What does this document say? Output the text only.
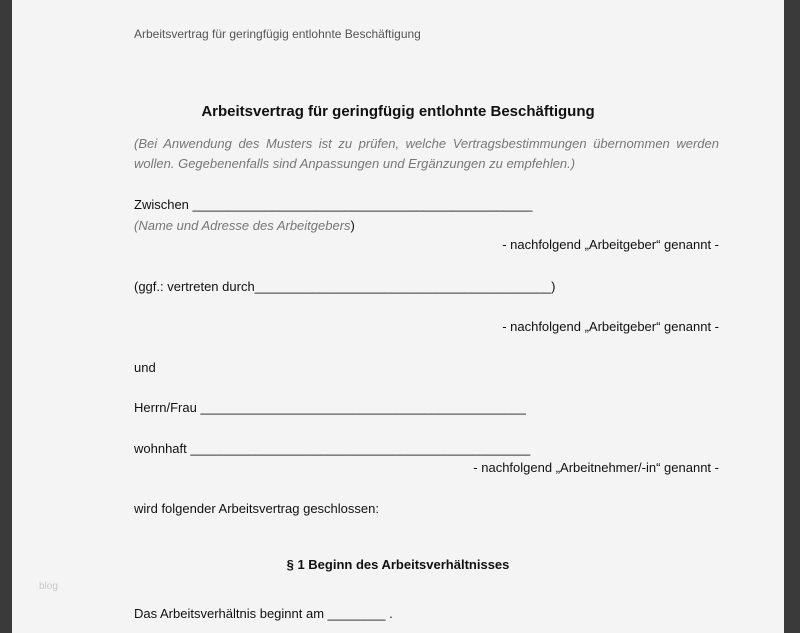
Arbeitsvertrag für geringfügig entlohnte Beschäftigung
Arbeitsvertrag für geringfügig entlohnte Beschäftigung
(Bei Anwendung des Musters ist zu prüfen, welche Vertragsbestimmungen übernommen werden wollen. Gegebenenfalls sind Anpassungen und Ergänzungen zu empfehlen.)
Zwischen _______________________________________________
(Name und Adresse des Arbeitgebers)
- nachfolgend „Arbeitgeber“ genannt -
(ggf.: vertreten durch_________________________________________)
- nachfolgend „Arbeitgeber“ genannt -
und
Herrn/Frau _____________________________________________
wohnhaft _______________________________________________
- nachfolgend „Arbeitnehmer/-in“ genannt -
wird folgender Arbeitsvertrag geschlossen:
§ 1 Beginn des Arbeitsverhältnisses
blog
Das Arbeitsverhältnis beginnt am ________ .
